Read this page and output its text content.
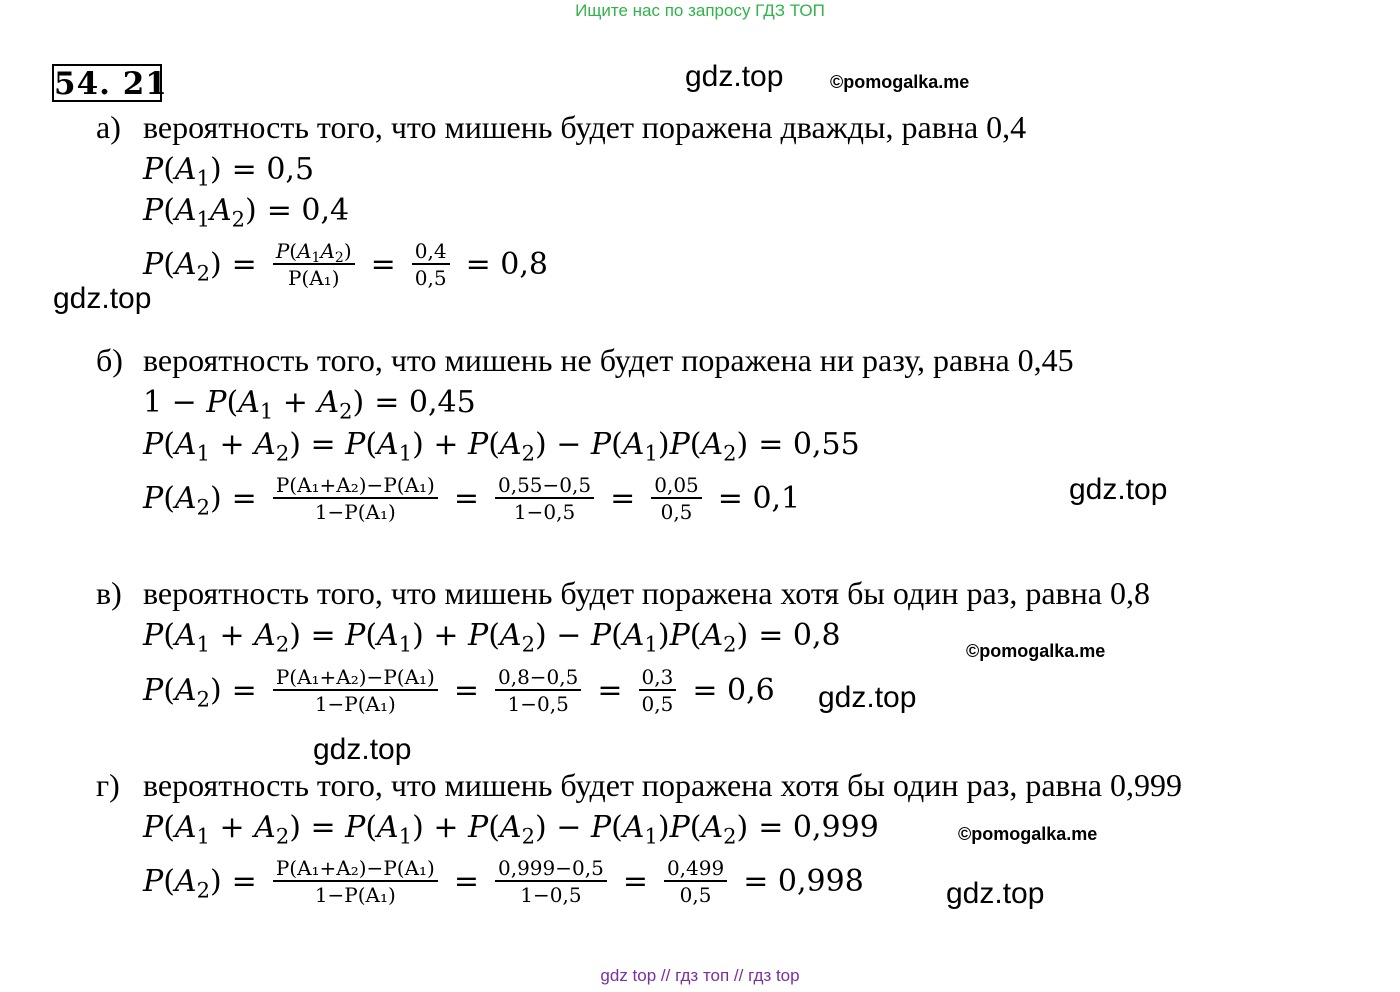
Ищите нас по запросу ГДЗ ТОП
gdz top // гдз топ // гдз top
54. 21	gdz.top	©pomogalka.me
gdz.top
gdz.top
©pomogalka.me
gdz.top
gdz.top
©pomogalka.me
gdz.top
а) вероятность того, что мишень будет поражена дважды, равна 0,4
$P(A_1) = 0,5$
$P(A_1A_2) = 0,4$
$P(A_2) = \frac{P(A_1A_2)}{\text{P(A₁)}} = \frac{0,4}{0,5} = 0,8$
б) вероятность того, что мишень не будет поражена ни разу, равна 0,45
$1 - P(A_1 + A_2) = 0,45$
$P(A_1 + A_2) = P(A_1) + P(A_2) - P(A_1)P(A_2) = 0,55$
$P(A_2) = \frac{\text{P(A₁+A₂)−P(A₁)}}{\text{1−P(A₁)}} = \frac{0,55-0,5}{1-0,5} = \frac{0,05}{0,5} = 0,1$
в) вероятность того, что мишень будет поражена хотя бы один раз, равна 0,8
$P(A_1 + A_2) = P(A_1) + P(A_2) - P(A_1)P(A_2) = 0,8$
$P(A_2) = \frac{\text{P(A₁+A₂)−P(A₁)}}{\text{1−P(A₁)}} = \frac{0,8-0,5}{1-0,5} = \frac{0,3}{0,5} = 0,6$
г) вероятность того, что мишень будет поражена хотя бы один раз, равна 0,999
$P(A_1 + A_2) = P(A_1) + P(A_2) - P(A_1)P(A_2) = 0,999$
$P(A_2) = \frac{\text{P(A₁+A₂)−P(A₁)}}{\text{1−P(A₁)}} = \frac{0,999-0,5}{1-0,5} = \frac{0,499}{0,5} = 0,998$
